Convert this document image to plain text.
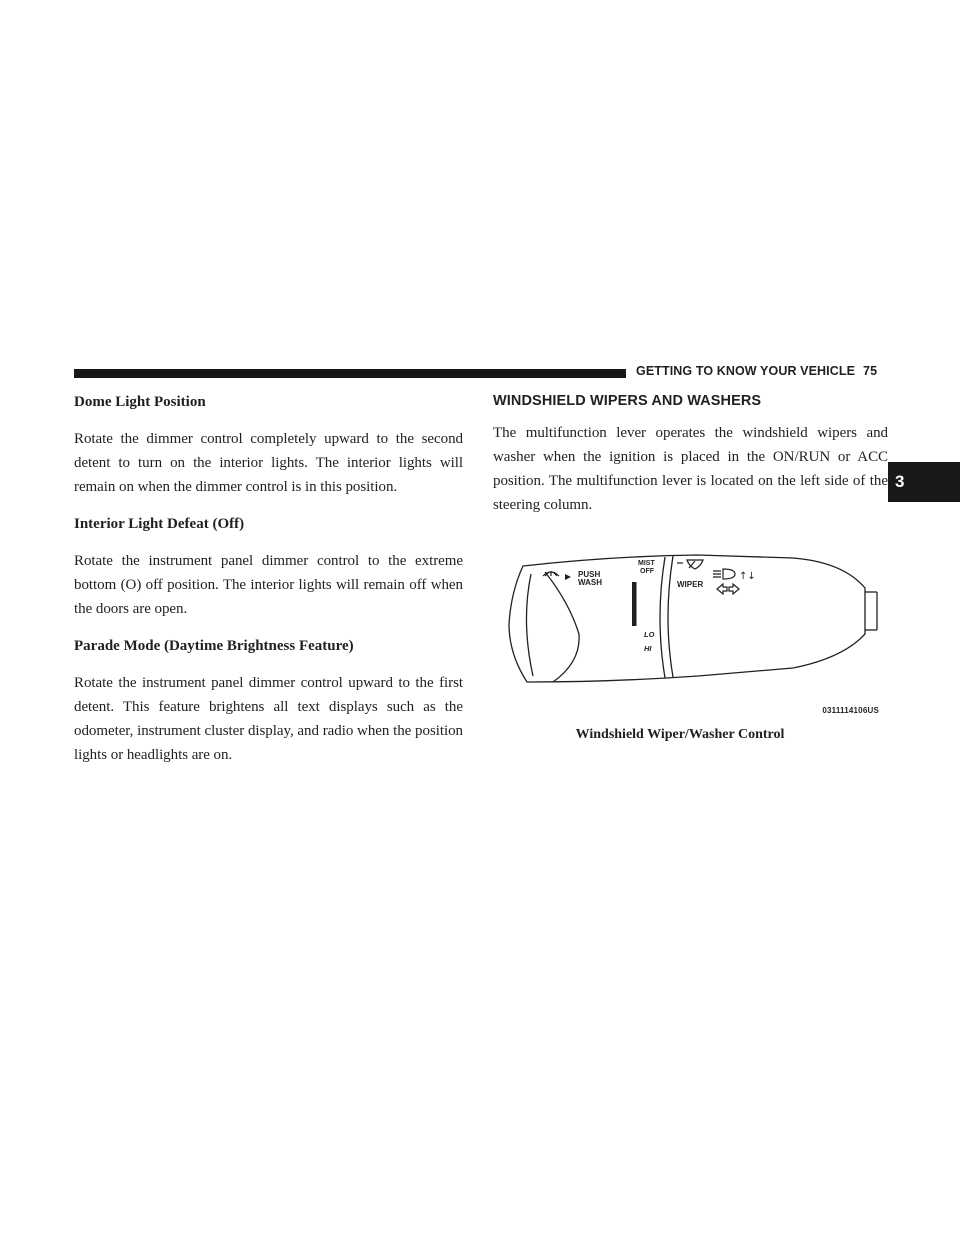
GETTING TO KNOW YOUR VEHICLE 75
3
Dome Light Position

Rotate the dimmer control completely upward to the second detent to turn on the interior lights. The interior lights will remain on when the dimmer control is in this position.

Interior Light Defeat (Off)

Rotate the instrument panel dimmer control to the extreme bottom (O) off position. The interior lights will remain off when the doors are open.

Parade Mode (Daytime Brightness Feature)

Rotate the instrument panel dimmer control upward to the first detent. This feature brightens all text displays such as the odometer, instrument cluster display, and radio when the position lights or headlights are on.

WINDSHIELD WIPERS AND WASHERS

The multifunction lever operates the windshield wipers and washer when the ignition is placed in the ON/RUN or ACC position. The multifunction lever is located on the left side of the steering column.

↑↓
PUSH
WASH
MIST
OFF
WIPER
LO
HI
0311114106US
Windshield Wiper/Washer Control
